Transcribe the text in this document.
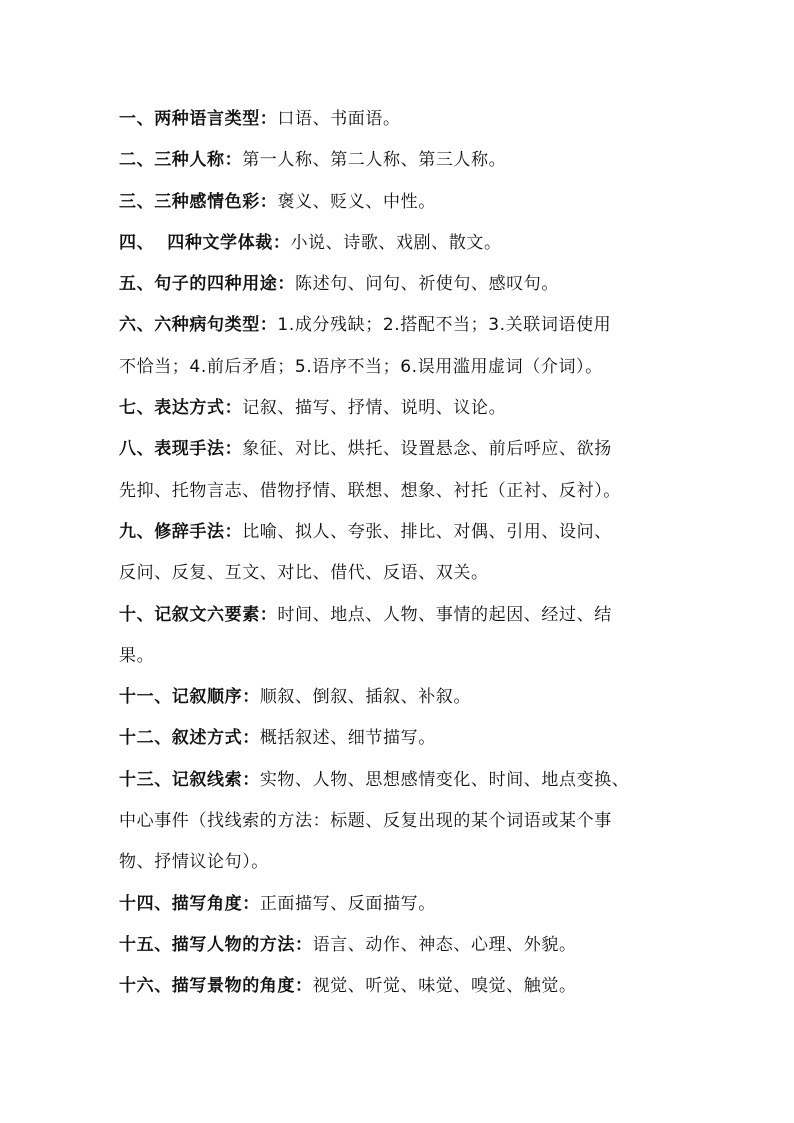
一、两种语言类型：口语、书面语。
二、三种人称：第一人称、第二人称、第三人称。
三、三种感情色彩：褒义、贬义、中性。
四、  四种文学体裁：小说、诗歌、戏剧、散文。
五、句子的四种用途：陈述句、问句、祈使句、感叹句。
六、六种病句类型：1.成分残缺；2.搭配不当；3.关联词语使用
不恰当；4.前后矛盾；5.语序不当；6.误用滥用虚词（介词）。
七、表达方式：记叙、描写、抒情、说明、议论。
八、表现手法：象征、对比、烘托、设置悬念、前后呼应、欲扬
先抑、托物言志、借物抒情、联想、想象、衬托（正衬、反衬）。
九、修辞手法：比喻、拟人、夸张、排比、对偶、引用、设问、
反问、反复、互文、对比、借代、反语、双关。
十、记叙文六要素：时间、地点、人物、事情的起因、经过、结
果。
十一、记叙顺序：顺叙、倒叙、插叙、补叙。
十二、叙述方式：概括叙述、细节描写。
十三、记叙线索：实物、人物、思想感情变化、时间、地点变换、
中心事件（找线索的方法：标题、反复出现的某个词语或某个事
物、抒情议论句）。
十四、描写角度：正面描写、反面描写。
十五、描写人物的方法：语言、动作、神态、心理、外貌。
十六、描写景物的角度：视觉、听觉、味觉、嗅觉、触觉。
